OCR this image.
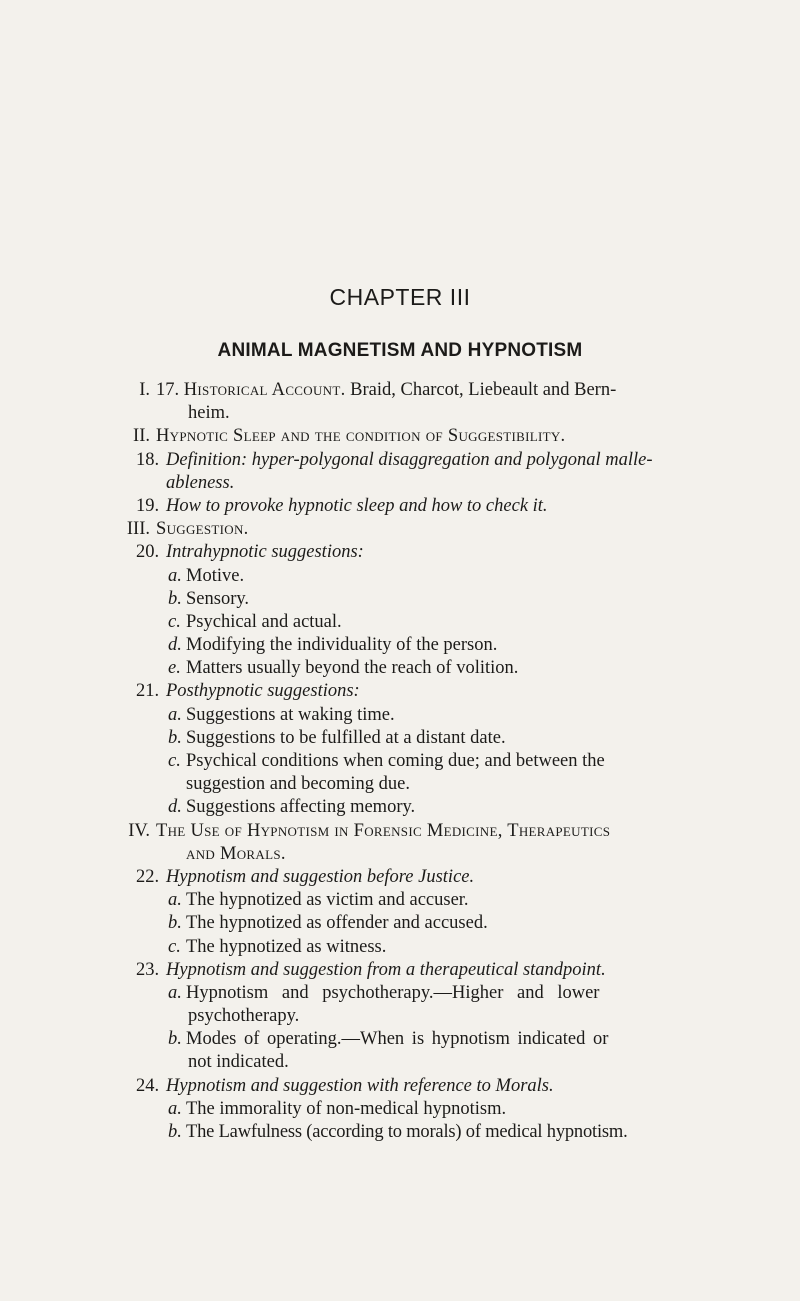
CHAPTER III
ANIMAL MAGNETISM AND HYPNOTISM
I. 17. Historical Account. Braid, Charcot, Liebeault and Bern-
heim.
II. Hypnotic Sleep and the condition of Suggestibility.
18. Definition: hyper-polygonal disaggregation and polygonal malle-
ableness.
19. How to provoke hypnotic sleep and how to check it.
III. Suggestion.
20. Intrahypnotic suggestions:
a. Motive.
b. Sensory.
c. Psychical and actual.
d. Modifying the individuality of the person.
e. Matters usually beyond the reach of volition.
21. Posthypnotic suggestions:
a. Suggestions at waking time.
b. Suggestions to be fulfilled at a distant date.
c. Psychical conditions when coming due; and between the
suggestion and becoming due.
d. Suggestions affecting memory.
IV. The Use of Hypnotism in Forensic Medicine, Therapeutics
and Morals.
22. Hypnotism and suggestion before Justice.
a. The hypnotized as victim and accuser.
b. The hypnotized as offender and accused.
c. The hypnotized as witness.
23. Hypnotism and suggestion from a therapeutical standpoint.
a. Hypnotism and psychotherapy.—Higher and lower
psychotherapy.
b. Modes of operating.—When is hypnotism indicated or
not indicated.
24. Hypnotism and suggestion with reference to Morals.
a. The immorality of non-medical hypnotism.
b. The Lawfulness (according to morals) of medical hypnotism.
